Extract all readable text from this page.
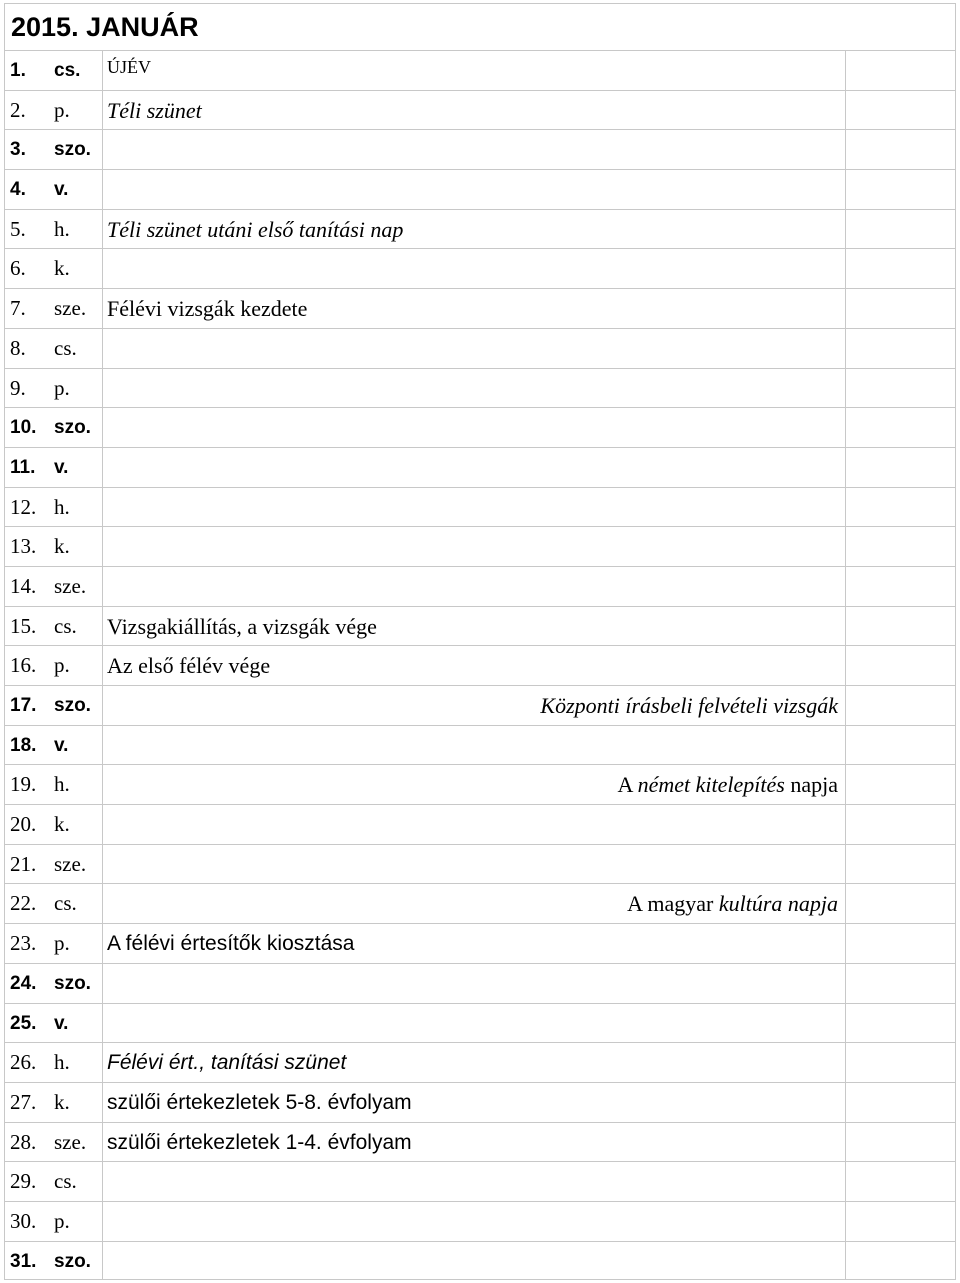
2015. JANUÁR
1. cs. ÚJÉV
2. p. Téli szünet
3. szo.
4. v.
5. h. Téli szünet utáni első tanítási nap
6. k.
7. sze. Félévi vizsgák kezdete
8. cs.
9. p.
10. szo.
11. v.
12. h.
13. k.
14. sze.
15. cs. Vizsgakiállítás, a vizsgák vége
16. p. Az első félév vége
17. szo.	Központi írásbeli felvételi vizsgák
18. v.
19. h.	A német kitelepítés napja
20. k.
21. sze.
22. cs.	A magyar kultúra napja
23. p. A félévi értesítők kiosztása
24. szo.
25. v.
26. h. Félévi ért., tanítási szünet
27. k. szülői értekezletek 5-8. évfolyam
28. sze. szülői értekezletek 1-4. évfolyam
29. cs.
30. p.
31. szo.
